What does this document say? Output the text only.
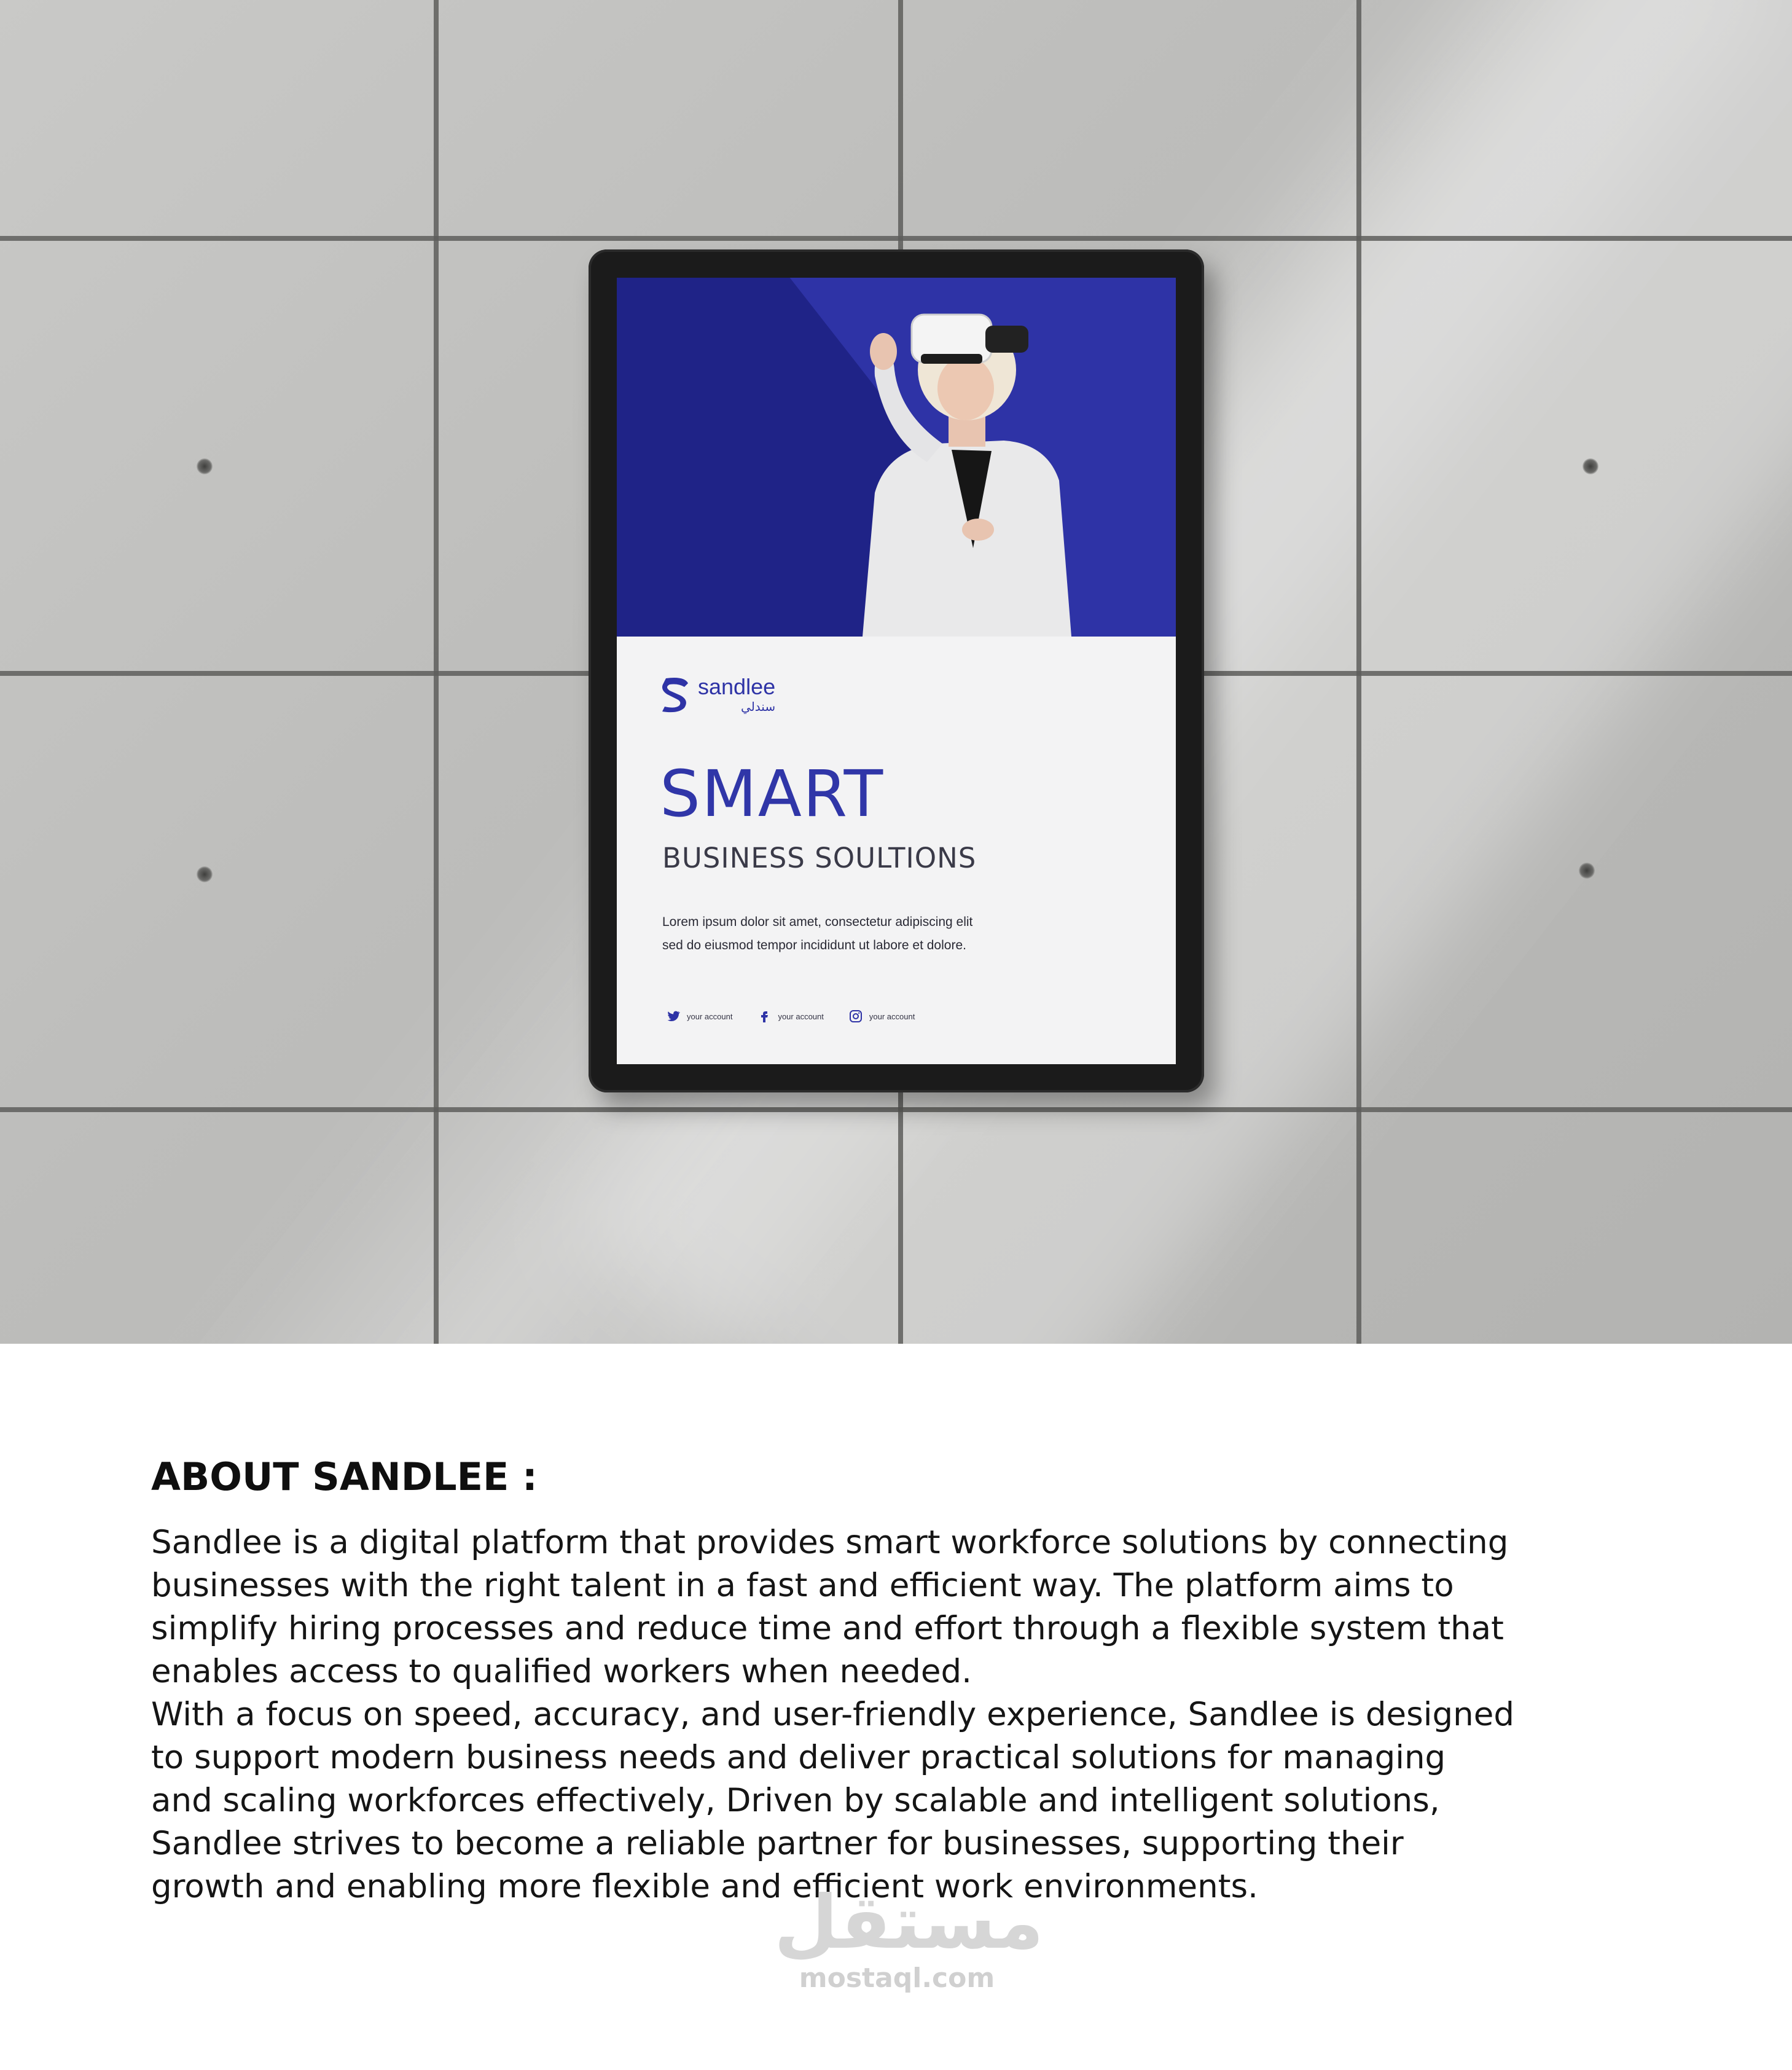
sandlee
سندلي
SMART
BUSINESS SOULTIONS
Lorem ipsum dolor sit amet, consectetur adipiscing elit
sed do eiusmod tempor incididunt ut labore et dolore.
your account	your account	your account
ABOUT SANDLEE :

Sandlee is a digital platform that provides smart workforce solutions by connecting

businesses with the right talent in a fast and efficient way. The platform aims to

simplify hiring processes and reduce time and effort through a flexible system that

enables access to qualified workers when needed.

With a focus on speed, accuracy, and user-friendly experience, Sandlee is designed

to support modern business needs and deliver practical solutions for managing

and scaling workforces effectively, Driven by scalable and intelligent solutions,

Sandlee strives to become a reliable partner for businesses, supporting their

growth and enabling more flexible and efficient work environments.

مستقل
mostaql.com
